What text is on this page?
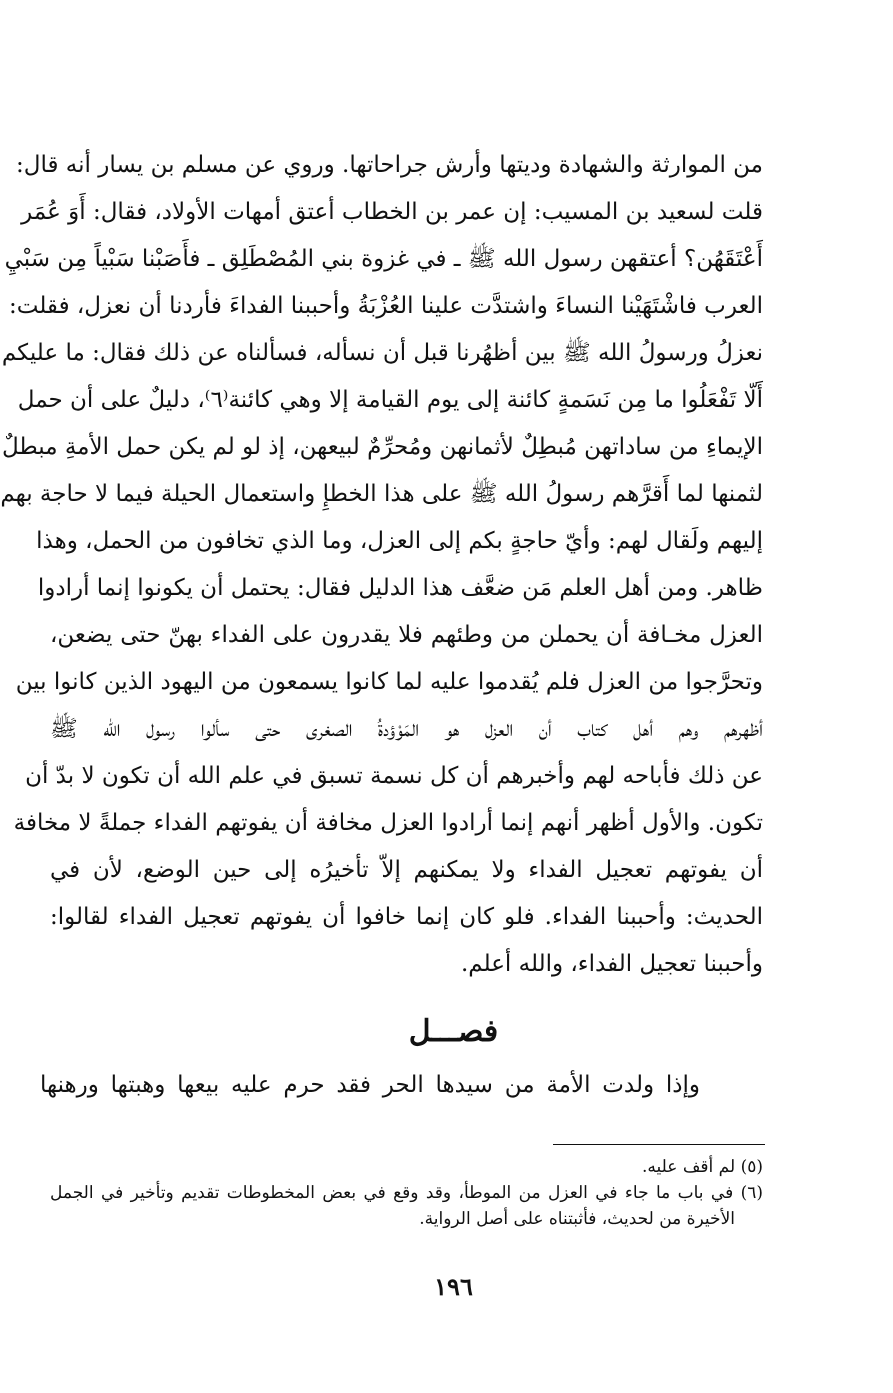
من الموارثة والشهادة وديتها وأرش جراحاتها. وروي عن مسلم بن يسار أنه قال:
قلت لسعيد بن المسيب: إن عمر بن الخطاب أعتق أمهات الأولاد، فقال: أَوَ عُمَر
أَعْتَقَهُن؟ أعتقهن رسول الله ﷺ ـ في غزوة بني المُصْطَلِق ـ فأَصَبْنا سَبْياً مِن سَبْيِ
العرب فاشْتَهَيْنا النساءَ واشتدَّت علينا العُزْبَةُ وأحببنا الفداءَ فأردنا أن نعزل، فقلت:
نعزلُ ورسولُ الله ﷺ بين أظهُرنا قبل أن نسأله، فسألناه عن ذلك فقال: ما عليكم
أَلّا تَفْعَلُوا ما مِن نَسَمةٍ كائنة إلى يوم القيامة إلا وهي كائنة⁽٦⁾، دليلٌ على أن حمل
الإيماءِ من ساداتهن مُبطِلٌ لأثمانهن ومُحرِّمٌ لبيعهن، إذ لو لم يكن حمل الأمةِ مبطلٌ
لثمنها لما أَقرَّهم رسولُ الله ﷺ على هذا الخطإِ واستعمال الحيلة فيما لا حاجة بهم
إليهم ولَقال لهم: وأيّ حاجةٍ بكم إلى العزل، وما الذي تخافون من الحمل، وهذا
ظاهر. ومن أهل العلم مَن ضعَّف هذا الدليل فقال: يحتمل أن يكونوا إنما أرادوا
العزل مخـافة أن يحملن من وطئهم فلا يقدرون على الفداء بهنّ حتى يضعن،
وتحرَّجوا من العزل فلم يُقدموا عليه لما كانوا يسمعون من اليهود الذين كانوا بين
أظهرهم وهم أهل كتاب أن العزل هو المَوْؤدةُ الصغرى حتى سألوا رسول الله ﷺ
عن ذلك فأباحه لهم وأخبرهم أن كل نسمة تسبق في علم الله أن تكون لا بدّ أن
تكون. والأول أظهر أنهم إنما أرادوا العزل مخافة أن يفوتهم الفداء جملةً لا مخافة
أن يفوتهم تعجيل الفداء ولا يمكنهم إلاّ تأخيرُه إلى حين الوضع، لأن في
الحديث: وأحببنا الفداء. فلو كان إنما خافوا أن يفوتهم تعجيل الفداء لقالوا:
وأحببنا تعجيل الفداء، والله أعلم.
فصـــل
وإذا ولدت الأمة من سيدها الحر فقد حرم عليه بيعها وهبتها ورهنها
(٥) لم أقف عليه.
(٦) في باب ما جاء في العزل من الموطأ، وقد وقع في بعض المخطوطات تقديم وتأخير في الجمل
الأخيرة من لحديث، فأثبتناه على أصل الرواية.
١٩٦
